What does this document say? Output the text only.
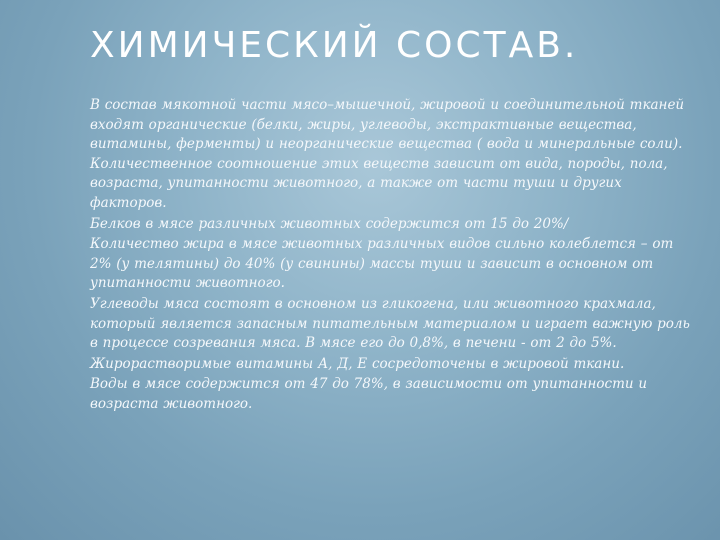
ХИМИЧЕСКИЙ СОСТАВ.

В состав мякотной части мясо–мышечной, жировой и соединительной тканей входят органические (белки, жиры, углеводы, экстрактивные вещества, витамины, ферменты) и неорганические вещества ( вода и минеральные соли). Количественное соотношение этих веществ зависит от вида, породы, пола, возраста, упитанности животного, а также от части туши и других факторов.

Белков в мясе различных животных содержится от 15 до 20%/

Количество жира в мясе животных различных видов сильно колеблется – от 2% (у телятины) до 40% (у свинины) массы туши и зависит в основном от упитанности животного.

Углеводы мяса состоят в основном из гликогена, или животного крахмала, который является запасным питательным материалом и играет важную роль в процессе созревания мяса. В мясе его до 0,8%, в печени - от 2 до 5%.

Жирорастворимые витамины А, Д, Е сосредоточены в жировой ткани.

Воды в мясе содержится от 47 до 78%, в зависимости от упитанности и возраста животного.
